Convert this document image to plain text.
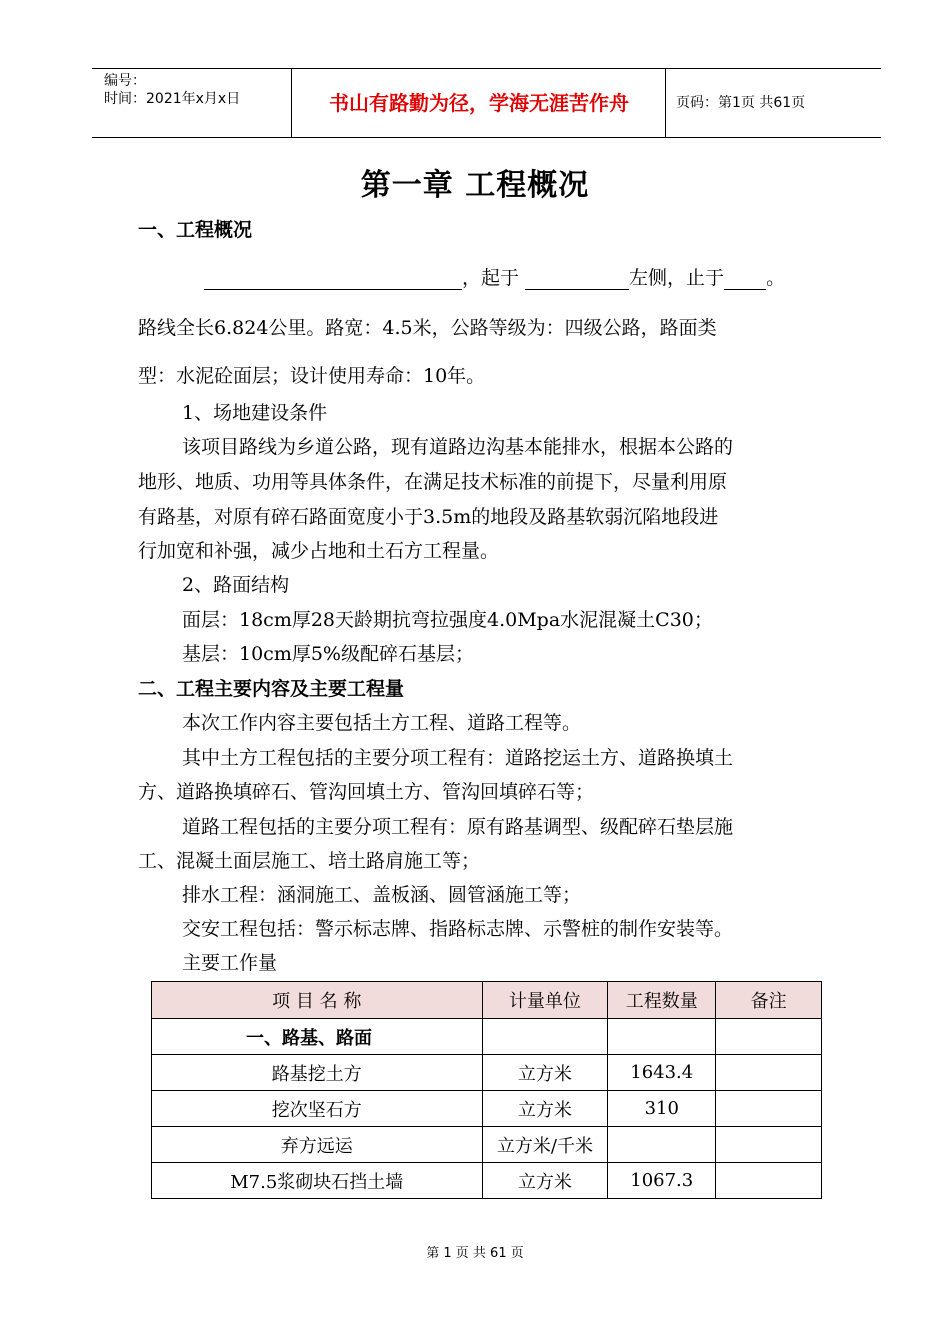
编号：
时间：2021年x月x日	书山有路勤为径，学海无涯苦作舟	页码：第1页 共61页
第一章 工程概况
一、工程概况
，起于	左侧，止于 。
路线全长6.824公里。路宽：4.5米，公路等级为：四级公路，路面类
型：水泥砼面层；设计使用寿命：10年。
1、场地建设条件
该项目路线为乡道公路，现有道路边沟基本能排水，根据本公路的
地形、地质、功用等具体条件，在满足技术标准的前提下，尽量利用原
有路基，对原有碎石路面宽度小于3.5m的地段及路基软弱沉陷地段进
行加宽和补强，减少占地和土石方工程量。
2、路面结构
面层：18cm厚28天龄期抗弯拉强度4.0Mpa水泥混凝土C30；
基层：10cm厚5%级配碎石基层；
二、工程主要内容及主要工程量
本次工作内容主要包括土方工程、道路工程等。
其中土方工程包括的主要分项工程有：道路挖运土方、道路换填土
方、道路换填碎石、管沟回填土方、管沟回填碎石等；
道路工程包括的主要分项工程有：原有路基调型、级配碎石垫层施
工、混凝土面层施工、培土路肩施工等；
排水工程：涵洞施工、盖板涵、圆管涵施工等；
交安工程包括：警示标志牌、指路标志牌、示警桩的制作安装等。
主要工作量
项 目 名 称	计量单位	工程数量	备注
一、路基、路面			
路基挖土方	立方米	1643.4	
挖次坚石方	立方米	310	
弃方远运	立方米/千米		
M7.5浆砌块石挡土墙	立方米	1067.3	
第 1 页 共 61 页
